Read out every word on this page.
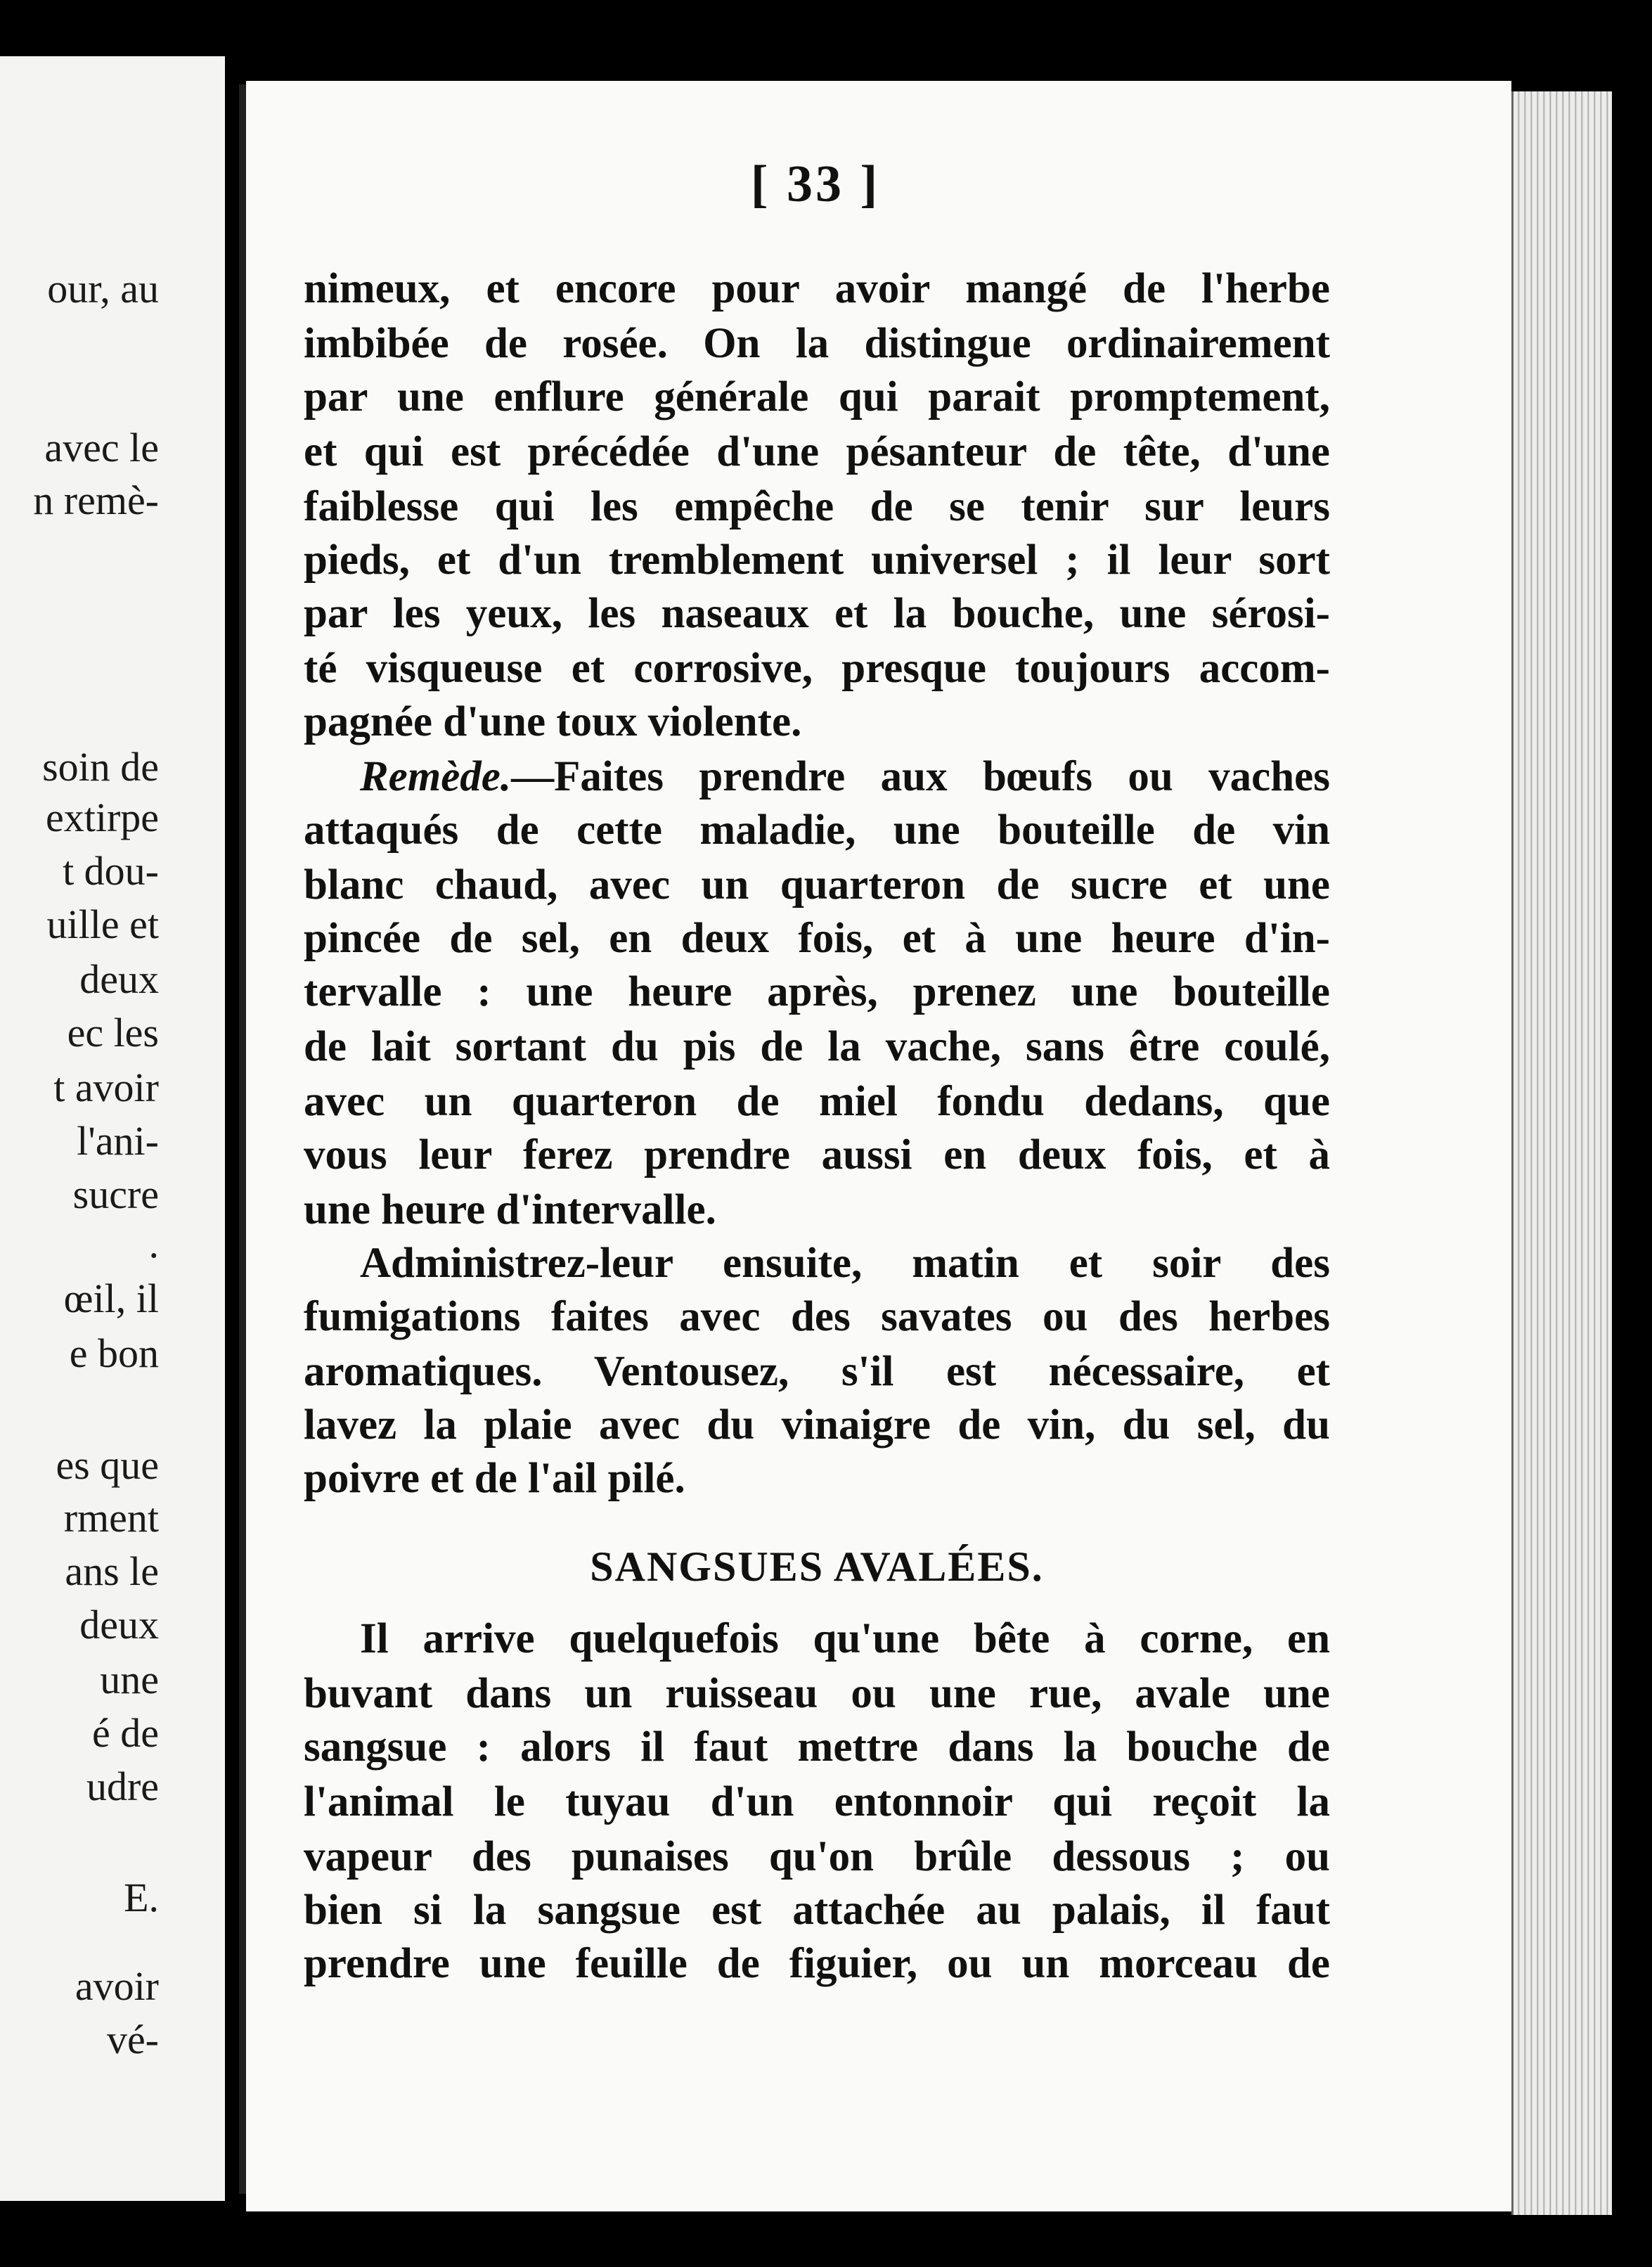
our, au
avec le
n remè-
soin de
extirpe
t dou-
uille et
deux
ec les
t avoir
l'ani-
sucre
.
œil, il
e bon
es que
rment
ans le
deux
une
é de
udre
E.
avoir
vé-
[ 33 ]
nimeux, et encore pour avoir mangé de l'herbe
imbibée de rosée. On la distingue ordinairement
par une enflure générale qui parait promptement,
et qui est précédée d'une pésanteur de tête, d'une
faiblesse qui les empêche de se tenir sur leurs
pieds, et d'un tremblement universel ; il leur sort
par les yeux, les naseaux et la bouche, une sérosi-
té visqueuse et corrosive, presque toujours accom-
pagnée d'une toux violente.
Remède.—Faites prendre aux bœufs ou vaches
attaqués de cette maladie, une bouteille de vin
blanc chaud, avec un quarteron de sucre et une
pincée de sel, en deux fois, et à une heure d'in-
tervalle : une heure après, prenez une bouteille
de lait sortant du pis de la vache, sans être coulé,
avec un quarteron de miel fondu dedans, que
vous leur ferez prendre aussi en deux fois, et à
une heure d'intervalle.
Administrez-leur ensuite, matin et soir des
fumigations faites avec des savates ou des herbes
aromatiques. Ventousez, s'il est nécessaire, et
lavez la plaie avec du vinaigre de vin, du sel, du
poivre et de l'ail pilé.
SANGSUES AVALÉES.
Il arrive quelquefois qu'une bête à corne, en
buvant dans un ruisseau ou une rue, avale une
sangsue : alors il faut mettre dans la bouche de
l'animal le tuyau d'un entonnoir qui reçoit la
vapeur des punaises qu'on brûle dessous ; ou
bien si la sangsue est attachée au palais, il faut
prendre une feuille de figuier, ou un morceau de
